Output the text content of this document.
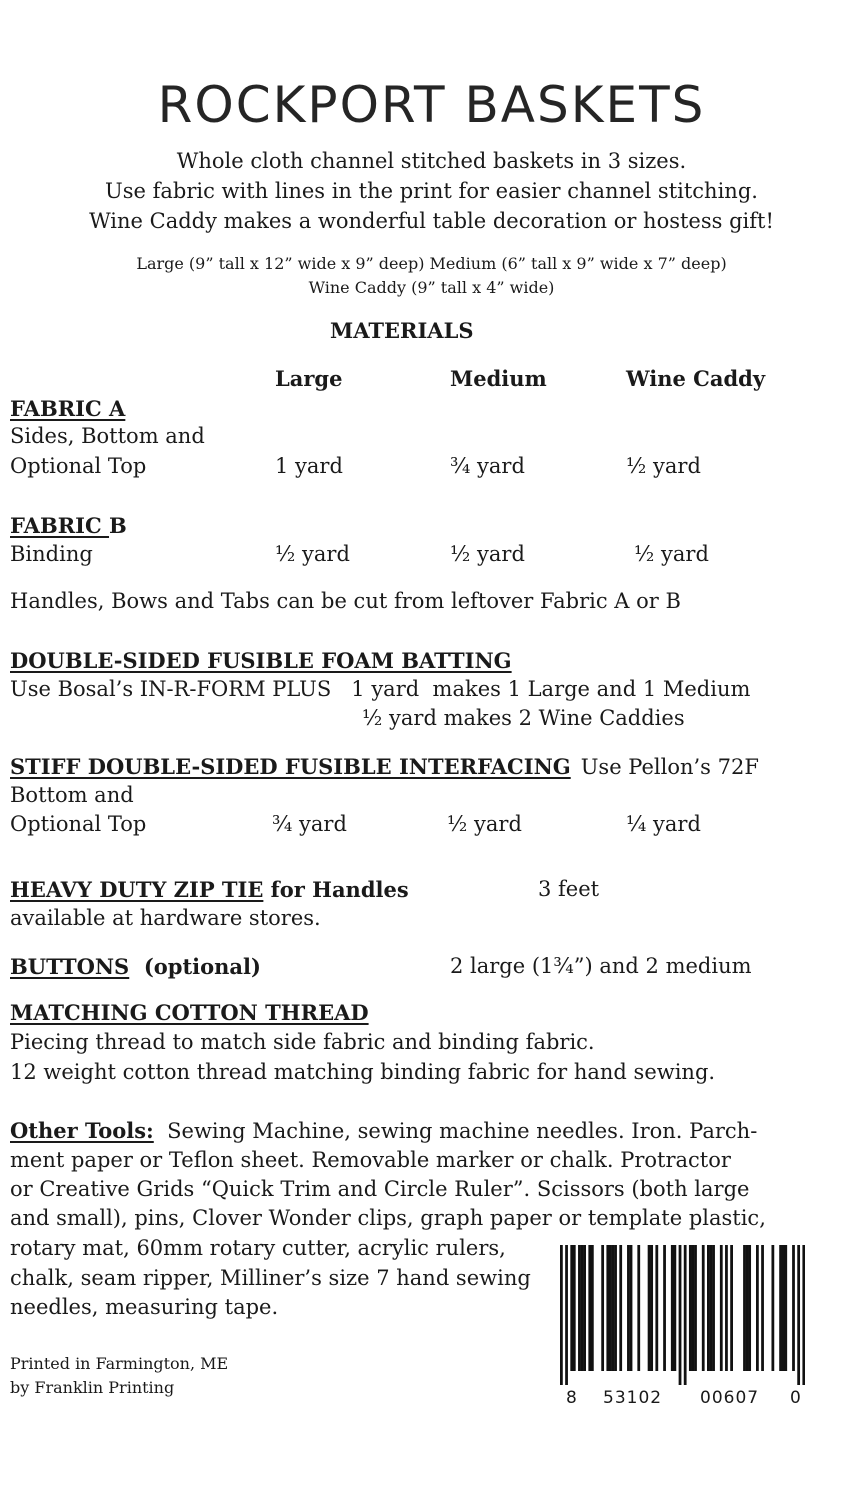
ROCKPORT BASKETS
Whole cloth channel stitched baskets in 3 sizes.
Use fabric with lines in the print for easier channel stitching.
Wine Caddy makes a wonderful table decoration or hostess gift!
Large (9” tall x 12” wide x 9” deep) Medium (6” tall x 9” wide x 7” deep)
Wine Caddy (9” tall x 4” wide)
MATERIALS
Large	Medium	Wine Caddy
FABRIC A
Sides, Bottom and
Optional Top	1 yard	¾ yard	½ yard
FABRIC B
Binding	½ yard	½ yard	½ yard
Handles, Bows and Tabs can be cut from leftover Fabric A or B
DOUBLE-SIDED FUSIBLE FOAM BATTING
Use Bosal’s IN-R-FORM PLUS   1 yard  makes 1 Large and 1 Medium
½ yard makes 2 Wine Caddies
STIFF DOUBLE-SIDED FUSIBLE INTERFACING Use Pellon’s 72F
Bottom and
Optional Top	¾ yard	½ yard	¼ yard
HEAVY DUTY ZIP TIE for Handles	3 feet
available at hardware stores.
BUTTONS  (optional)	2 large (1¾”) and 2 medium
MATCHING COTTON THREAD
Piecing thread to match side fabric and binding fabric.
12 weight cotton thread matching binding fabric for hand sewing.
Other Tools:  Sewing Machine, sewing machine needles. Iron. Parch-
ment paper or Teflon sheet. Removable marker or chalk. Protractor
or Creative Grids “Quick Trim and Circle Ruler”. Scissors (both large
and small), pins, Clover Wonder clips, graph paper or template plastic,
rotary mat, 60mm rotary cutter, acrylic rulers,
chalk, seam ripper, Milliner’s size 7 hand sewing
needles, measuring tape.
Printed in Farmington, ME
by Franklin Printing
8 53102 00607 0
